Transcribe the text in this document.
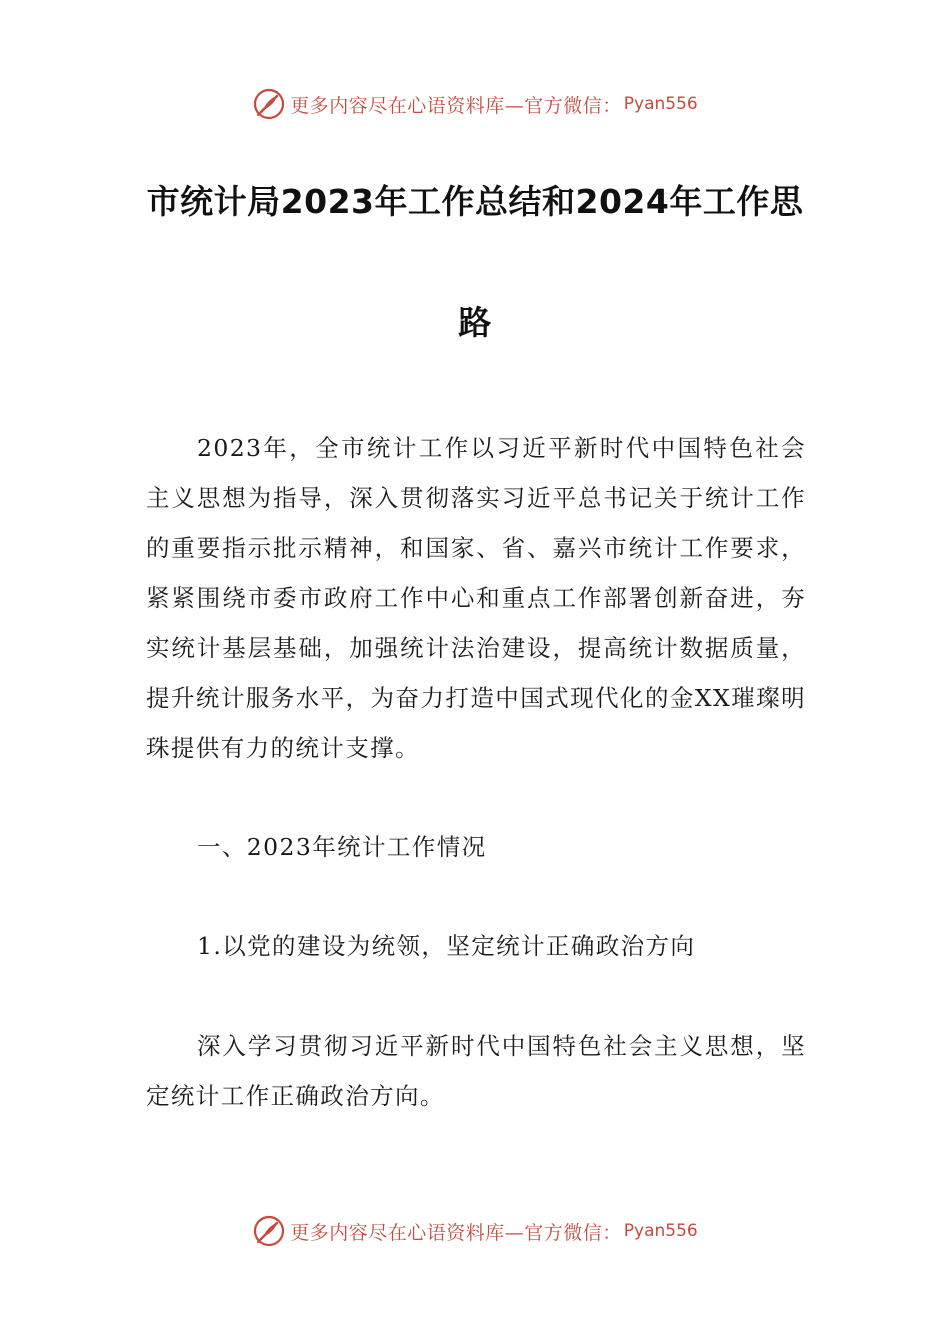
更多内容尽在心语资料库—官方微信： Pyan556
市统计局2023年工作总结和2024年工作思
路

2023年，全市统计工作以习近平新时代中国特色社会主义思想为指导，深入贯彻落实习近平总书记关于统计工作的重要指示批示精神，和国家、省、嘉兴市统计工作要求，紧紧围绕市委市政府工作中心和重点工作部署创新奋进，夯实统计基层基础，加强统计法治建设，提高统计数据质量，提升统计服务水平，为奋力打造中国式现代化的金XX璀璨明珠提供有力的统计支撑。

一、2023年统计工作情况

1.以党的建设为统领，坚定统计正确政治方向

深入学习贯彻习近平新时代中国特色社会主义思想，坚定统计工作正确政治方向。

更多内容尽在心语资料库—官方微信： Pyan556
